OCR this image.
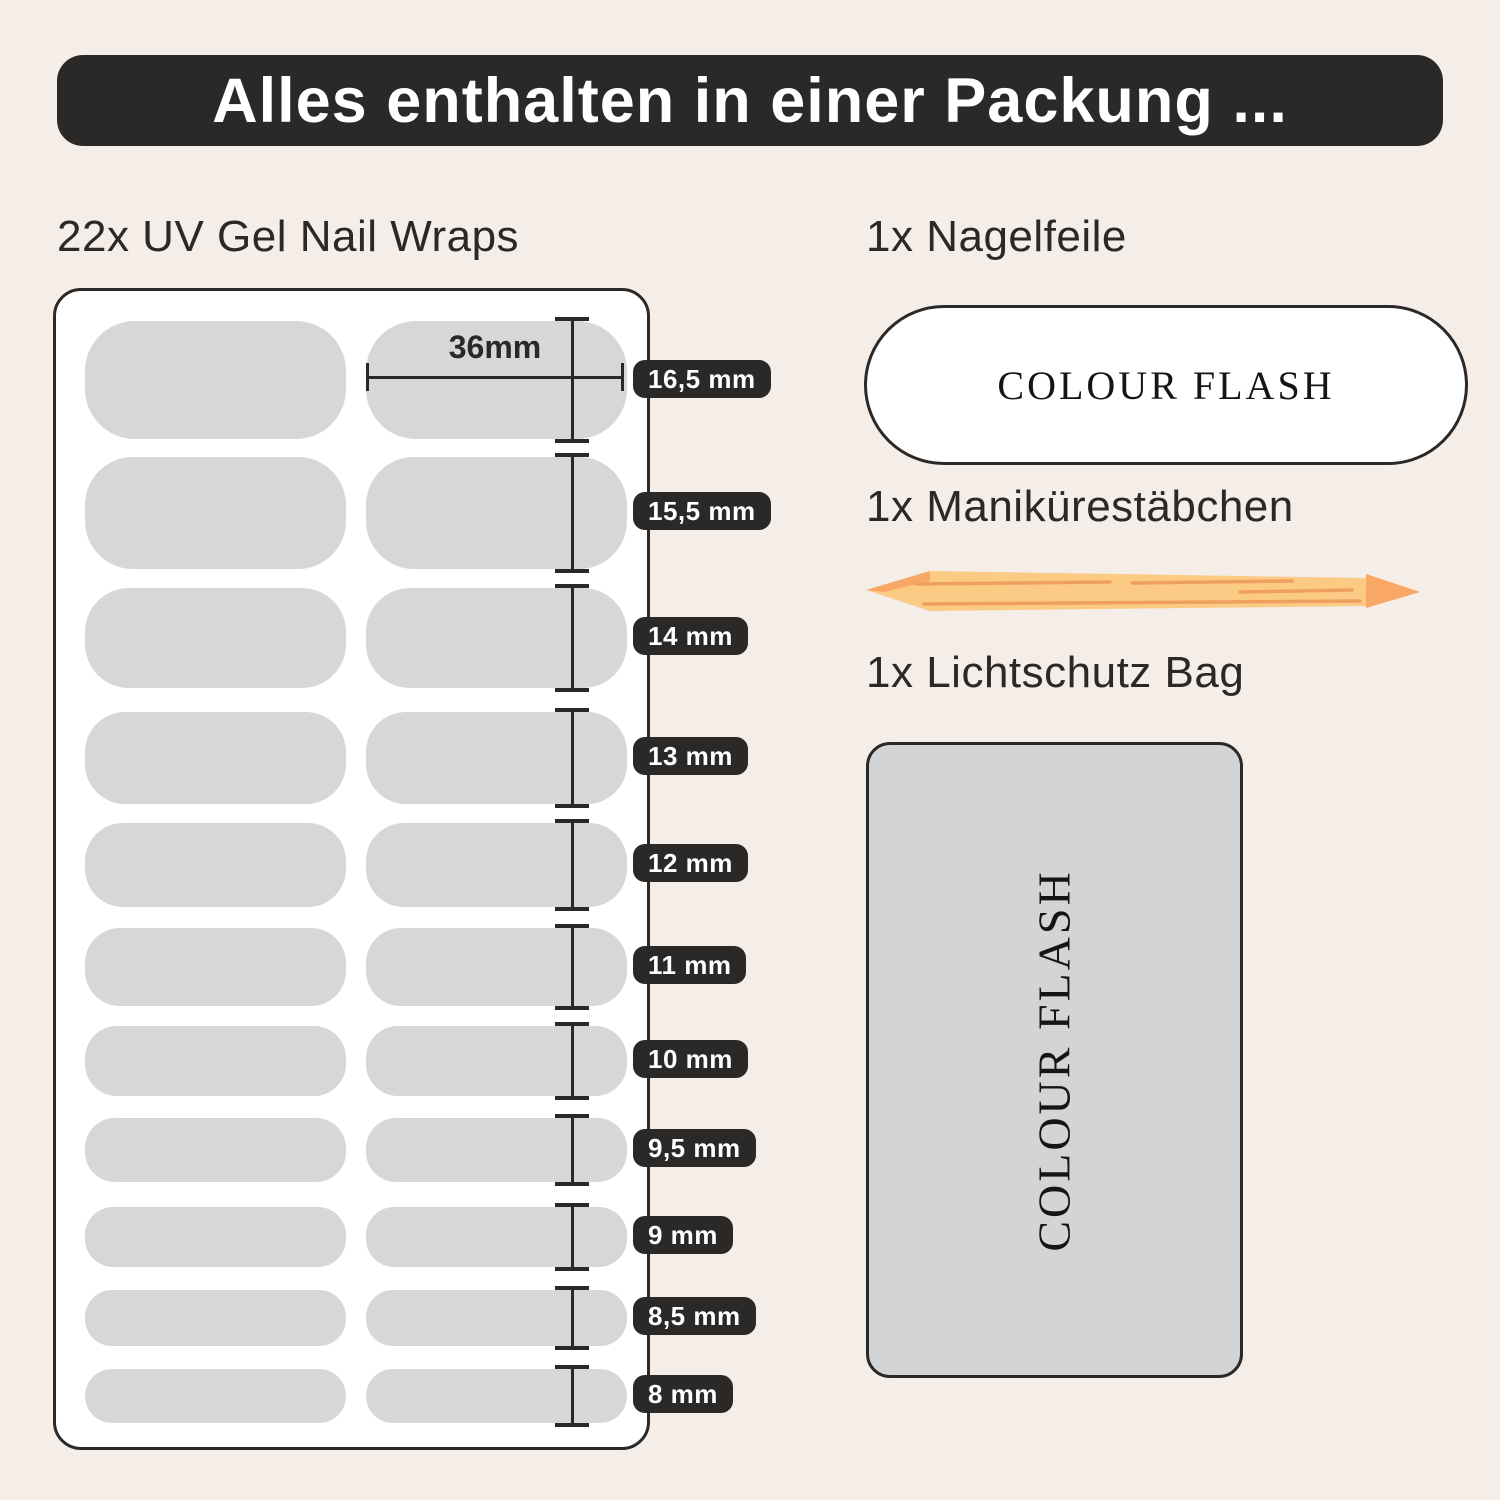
Alles enthalten in einer Packung ...
22x UV Gel Nail Wraps	1x Nagelfeile
1x Manikürestäbchen
1x Lichtschutz Bag
36mm
16,5 mm
15,5 mm
14 mm
13 mm
12 mm
11 mm
10 mm
9,5 mm
9 mm
8,5 mm
8 mm
COLOUR FLASH
COLOUR FLASH
